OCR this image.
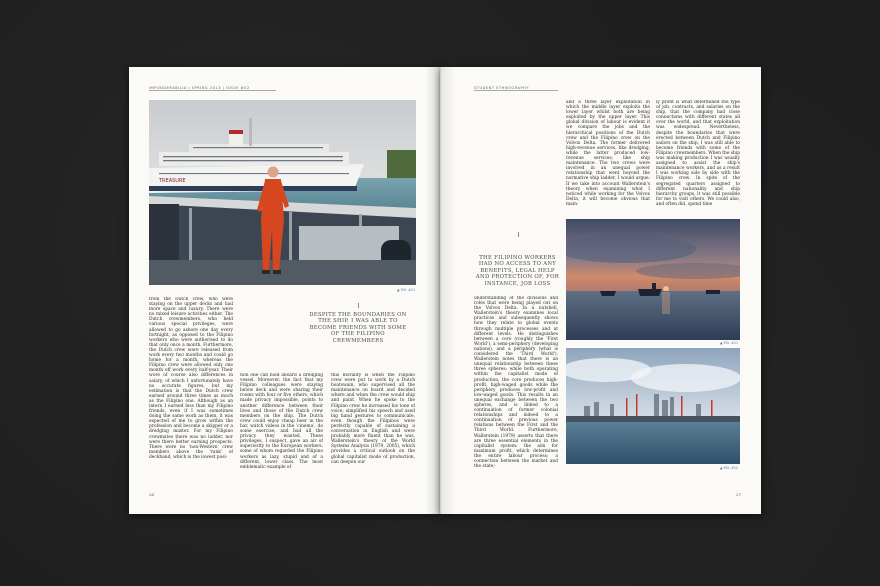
IMPONDERABILIA | SPRING 2013 | ISSUE #02
TREASURE
▲ FIG. #11
from the Dutch crew, who were staying on the upper decks and had more space and luxury. There were no mixed leisure activities either. The Dutch crewmembers, who held various special privileges, were allowed to go ashore one day every fortnight, as opposed to the Filipino workers who were authorised to do that only once a month. Furthermore, the Dutch crew were released from work every two months and could go home for a month, whereas the Filipino crew were allowed only one month off work every half-year. Their wore of course also differences in salary, of which I unfortunately have no accurate figures, but my estimation is that the Dutch crew earned around three times as much as the Filipino one. Although as an intern I earned less than my Filipino friends, even if I was sometimes doing the same work as them, it was expected of me to grow within the profession and become a skipper or a dredging master. For my Filipino crewmates there was no ladder, nor were there better earning prospects. There were no 'non-Western' crew members above the 'rank' of deckhand, which is the lowest posi-
tion one can hold aboard a dredging vessel. Moreover, the fact that my Filipino colleagues were staying below deck and were sharing their rooms with four or five others, which made privacy impossible, points to another difference between their lives and those of the Dutch crew members on the ship. The Dutch crew could enjoy cheap beer in the bar, watch videos in the 'cinema', do some exercise, and had all the privacy they wanted. These privileges, I suspect, gave an air of superiority to the European workers, some of whom regarded the Filipino workers as lazy, stupid and of a different, lower class. The most emblematic example of
DESPITE THE BOUNDARIES ON THE SHIP, I WAS ABLE TO BECOME FRIENDS WITH SOME OF THE FILIPINO CREWMEMBERS
this morality is when the Filipino crew were put to work by a Dutch boatswain, who supervised all the maintenance on board and decided where and when the crew would ship and paint. When he spoke to the Filipino crew he increased his tone of voice, simplified his speech and used big hand gestures to communicate, even though the Filipinos were perfectly capable of sustaining a conversation in English and were probably more fluent than he was. Wallerstein's theory of the World Systems Analysis (1979, 2005), which provides a critical outlook on the global capitalist mode of production, can deepen our
26
STUDENT ETHNOGRAPHY
and a three layer exploitation in which the middle layer exploits the lower layer whilst both are being exploited by the upper layer. This global division of labour is evident if we compare the jobs and the hierarchical positions of the Dutch crew and the Filipino crew on the Volvox Delta. The former delivered high-revenue services, like dredging, while the latter produced low-revenue services, like ship maintenance. The two crews were involved in an unequal power relationship that went beyond the normative ship ladder, I would argue. If we take into account Wallerstein's theory when examining what I noticed while working for the Volvox Delta, it will become obvious that main-
ly profit is what determined the type of job, contracts, and salaries on the ship, that the company had close connections with different states all over the world, and that exploitation was widespread. Nevertheless, despite the boundaries that were erected between Dutch and Filipino sailors on the ship, I was still able to become friends with some of the Filipino crewmembers. When the ship was making production I was usually assigned to assist the ship's maintenance workers, and as a result I was working side by side with the Filipino crew. In spite of the segregated quarters assigned to different nationality and ship hierarchy groups, it was still possible for me to visit others. We could also, and often did, spend time
THE FILIPINO WORKERS HAD NO ACCESS TO ANY BENEFITS, LEGAL HELP AND PROTECTION OF, FOR INSTANCE, JOB LOSS
understanding of the divisions and roles that were being played out on the Volvox Delta. In a nutshell, Wallerstein's theory examines local practices and subsequently shows how they relate to global events through multiple processes and at different levels. He distinguishes between a core (roughly the 'First World'), a semi-periphery (developing nations), and a periphery (what is considered the 'Third World'). Wallerstein notes that there is an unequal relationship between these three spheres: while both operating within the capitalist mode of production, the core produces high-profit, high-waged goods while the periphery produces low-profit and low-waged goods. This results in an unequal exchange between the two spheres, and is linked to a continuation of former colonial relationships and indeed to a continuation of previous power relations between the First and the Third World. Furthermore, Wallerstein (1979) asserts that there are three essential elements in the capitalist system: the aim for maximum profit, which determines the entire labour process; a connection between the market and the state;
▲ FIG. #11
▲ FIG. #12
27
